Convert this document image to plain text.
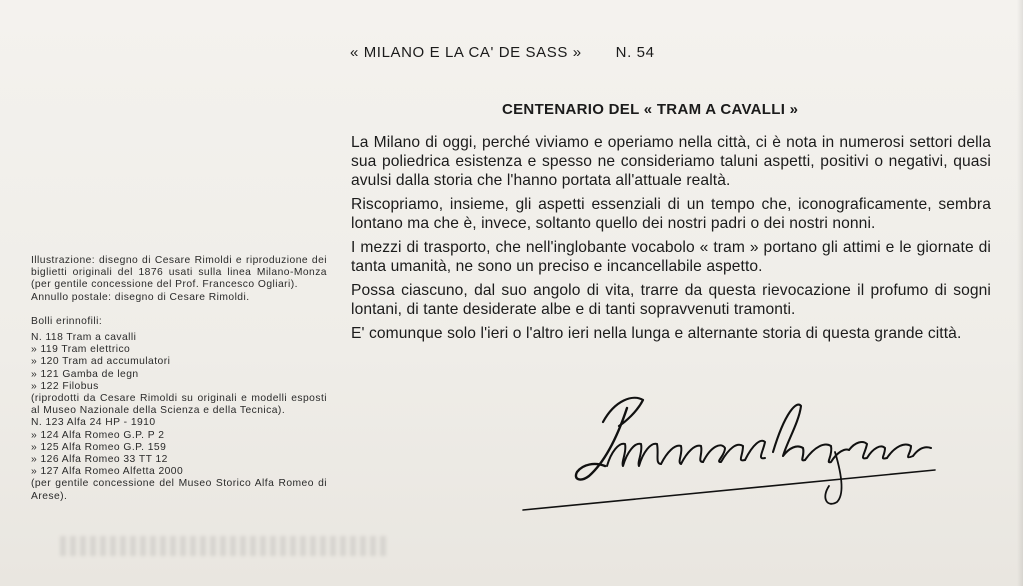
« MILANO E LA CA' DE SASS » N. 54
CENTENARIO DEL « TRAM A CAVALLI »

La Milano di oggi, perché viviamo e operiamo nella città, ci è nota in numerosi settori della sua poliedrica esistenza e spesso ne consideriamo taluni aspetti, positivi o negativi, quasi avulsi dalla storia che l'hanno portata all'attuale realtà.

Riscopriamo, insieme, gli aspetti essenziali di un tempo che, iconograficamente, sembra lontano ma che è, invece, soltanto quello dei nostri padri o dei nostri nonni.

I mezzi di trasporto, che nell'inglobante vocabolo « tram » portano gli attimi e le giornate di tanta umanità, ne sono un preciso e incancellabile aspetto.

Possa ciascuno, dal suo angolo di vita, trarre da questa rievocazione il profumo di sogni lontani, di tante desiderate albe e di tanti sopravvenuti tramonti.

E' comunque solo l'ieri o l'altro ieri nella lunga e alternante storia di questa grande città.

Illustrazione: disegno di Cesare Rimoldi e riproduzione dei biglietti originali del 1876 usati sulla linea Milano-Monza (per gentile concessione del Prof. Francesco Ogliari).

Annullo postale: disegno di Cesare Rimoldi.

Bolli erinnofili:
N. 118 Tram a cavalli
» 119 Tram elettrico
» 120 Tram ad accumulatori
» 121 Gamba de legn
» 122 Filobus

(riprodotti da Cesare Rimoldi su originali e modelli esposti al Museo Nazionale della Scienza e della Tecnica).

N. 123 Alfa 24 HP - 1910
» 124 Alfa Romeo G.P. P 2
» 125 Alfa Romeo G.P. 159
» 126 Alfa Romeo 33 TT 12
» 127 Alfa Romeo Alfetta 2000

(per gentile concessione del Museo Storico Alfa Romeo di Arese).
